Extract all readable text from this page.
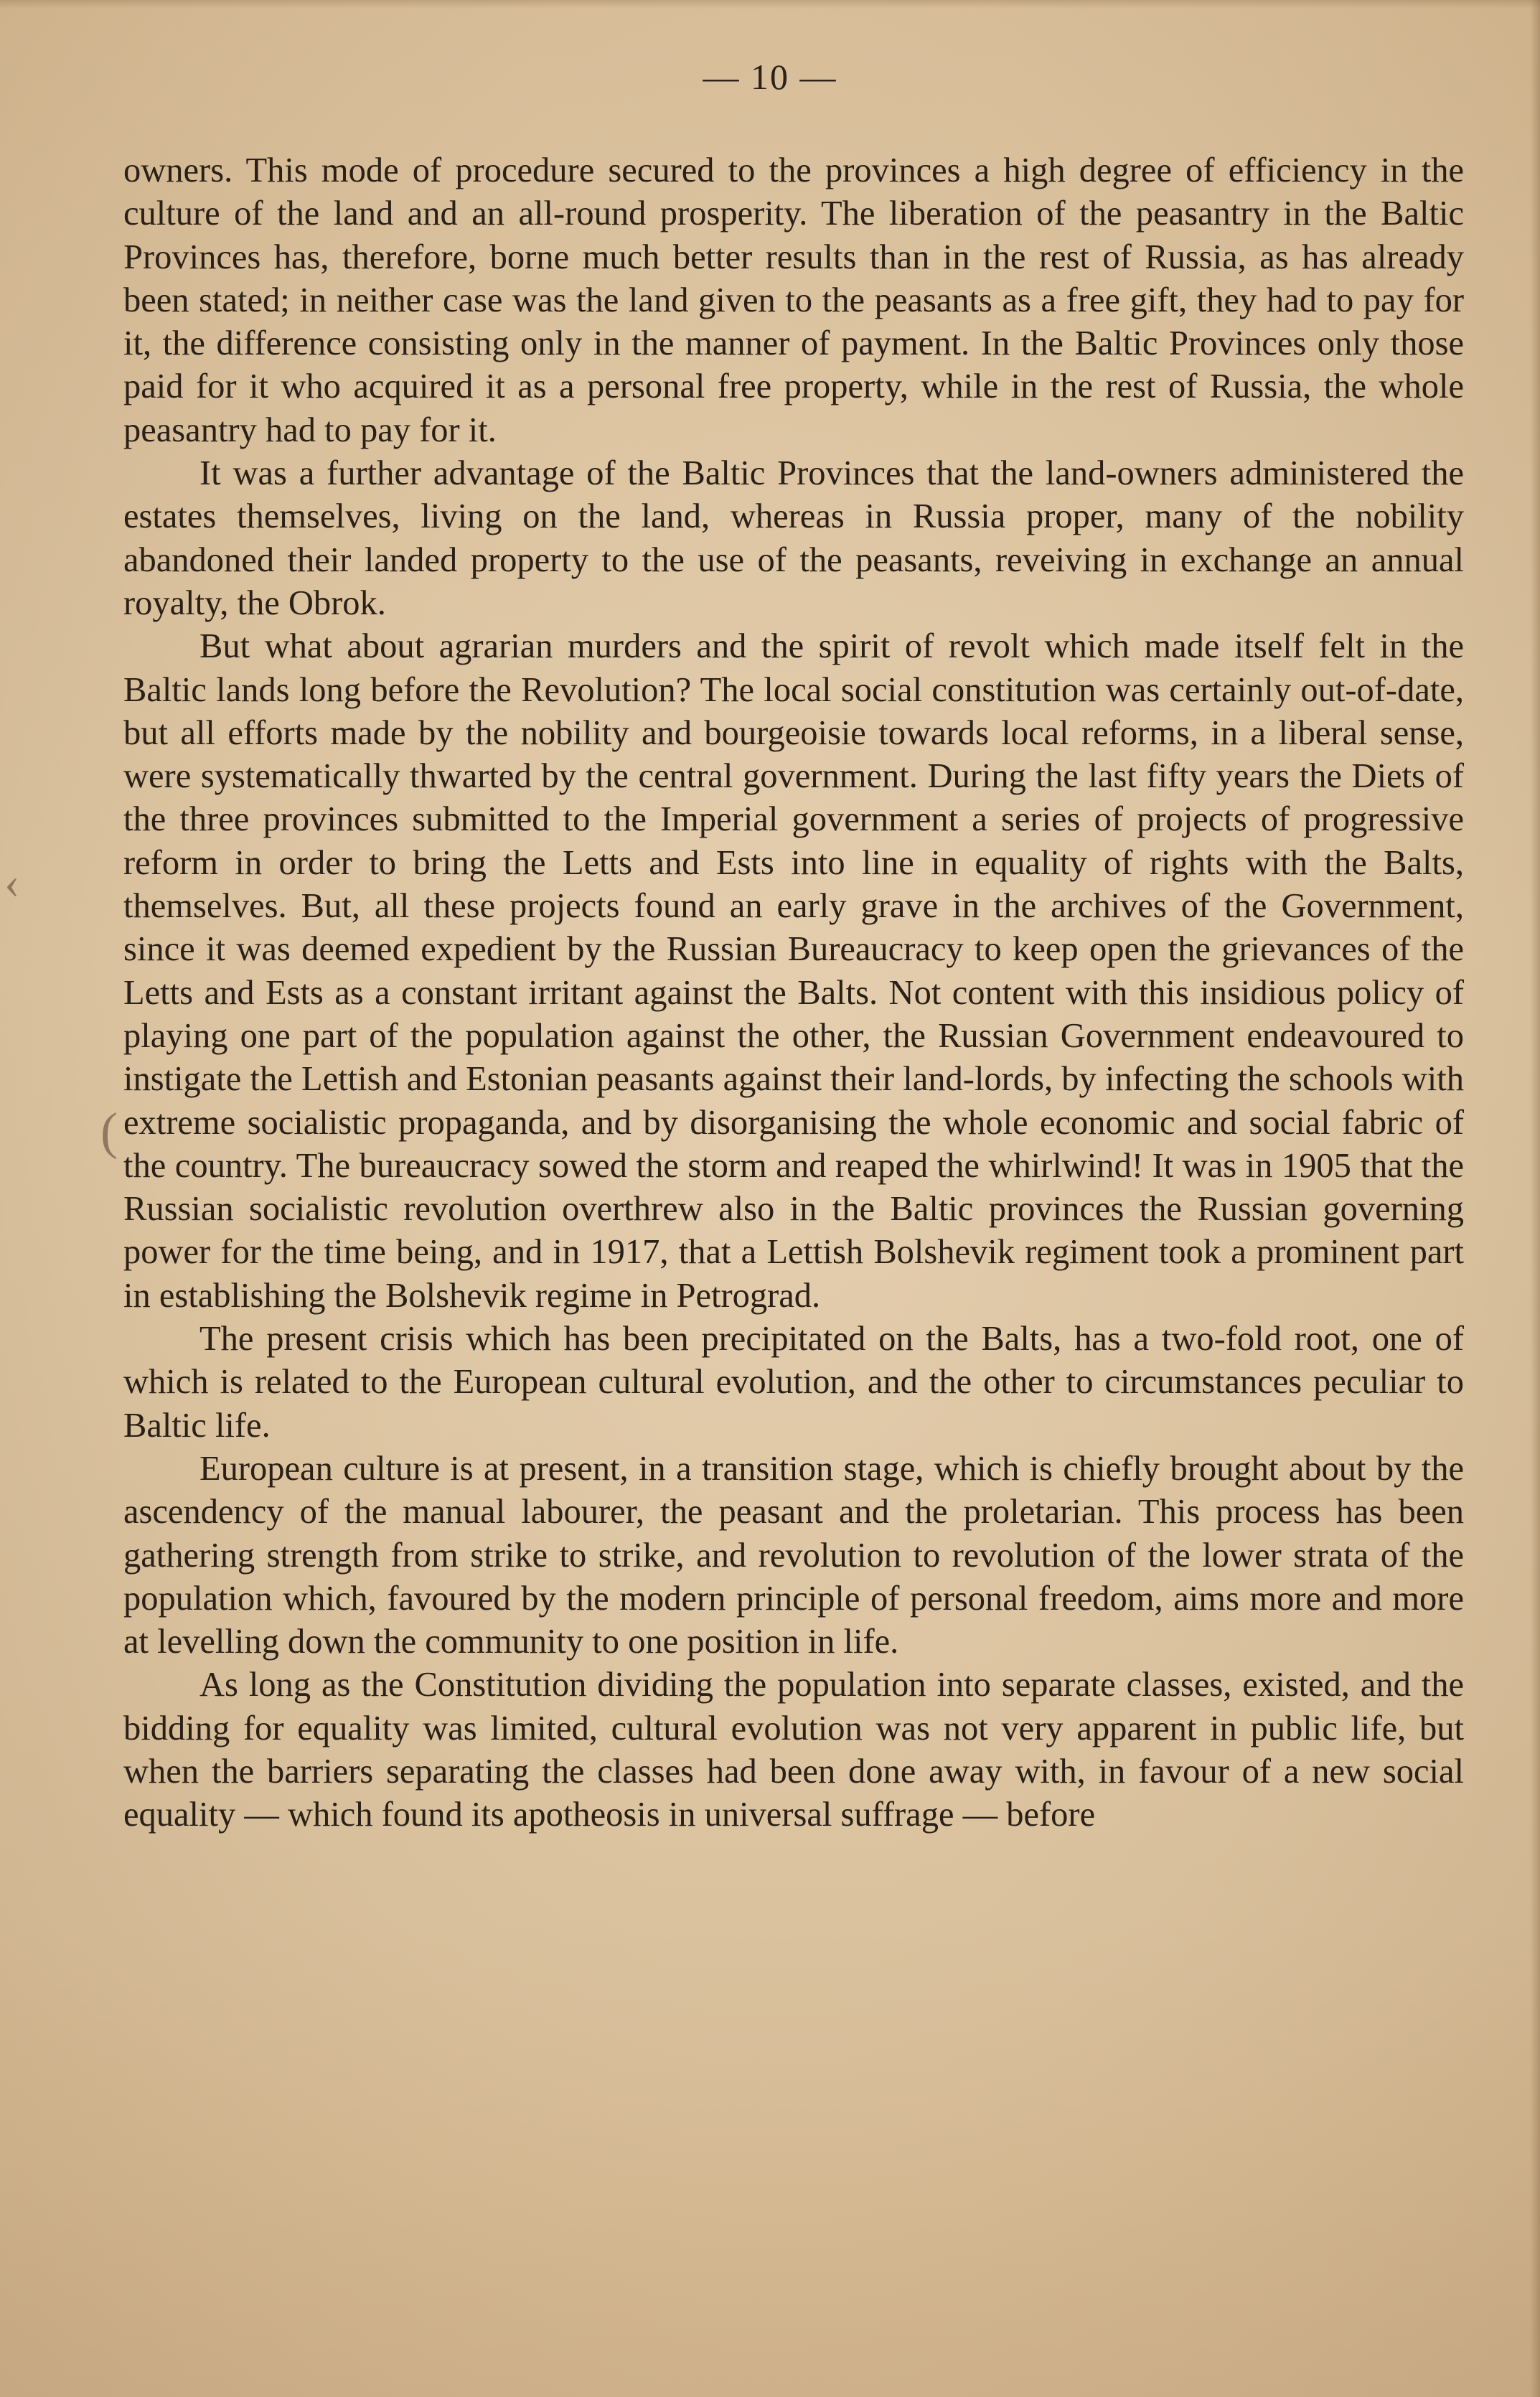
— 10 —
‹
(

owners. This mode of procedure secured to the provinces a high degree of efficiency in the culture of the land and an all-round prosperity. The liberation of the peasantry in the Baltic Provinces has, therefore, borne much better results than in the rest of Russia, as has already been stated; in neither case was the land given to the peasants as a free gift, they had to pay for it, the difference consisting only in the manner of payment. In the Baltic Provinces only those paid for it who acquired it as a personal free property, while in the rest of Russia, the whole peasantry had to pay for it.

It was a further advantage of the Baltic Provinces that the land-owners administered the estates themselves, living on the land, whereas in Russia proper, many of the nobility abandoned their landed property to the use of the peasants, reveiving in exchange an annual royalty, the Obrok.

But what about agrarian murders and the spirit of revolt which made itself felt in the Baltic lands long before the Revolution? The local social constitution was certainly out-of-date, but all efforts made by the nobility and bourgeoisie towards local reforms, in a liberal sense, were systematically thwarted by the central government. During the last fifty years the Diets of the three provinces submitted to the Imperial government a series of projects of progressive reform in order to bring the Letts and Ests into line in equality of rights with the Balts, themselves. But, all these projects found an early grave in the archives of the Government, since it was deemed expedient by the Russian Bureaucracy to keep open the grievances of the Letts and Ests as a constant irritant against the Balts. Not content with this insidious policy of playing one part of the population against the other, the Russian Government endeavoured to instigate the Lettish and Estonian peasants against their land-lords, by infecting the schools with extreme socialistic propaganda, and by disorganising the whole economic and social fabric of the country. The bureaucracy sowed the storm and reaped the whirlwind! It was in 1905 that the Russian socialistic revolution overthrew also in the Baltic provinces the Russian governing power for the time being, and in 1917, that a Lettish Bolshevik regiment took a prominent part in establishing the Bolshevik regime in Petrograd.

The present crisis which has been precipitated on the Balts, has a two-fold root, one of which is related to the European cultural evolution, and the other to circumstances peculiar to Baltic life.

European culture is at present, in a transition stage, which is chiefly brought about by the ascendency of the manual labourer, the peasant and the proletarian. This process has been gathering strength from strike to strike, and revolution to revolution of the lower strata of the population which, favoured by the modern principle of personal freedom, aims more and more at levelling down the community to one position in life.

As long as the Constitution dividing the population into separate classes, existed, and the bidding for equality was limited, cultural evolution was not very apparent in public life, but when the barriers separating the classes had been done away with, in favour of a new social equality — which found its apotheosis in universal suffrage — before
